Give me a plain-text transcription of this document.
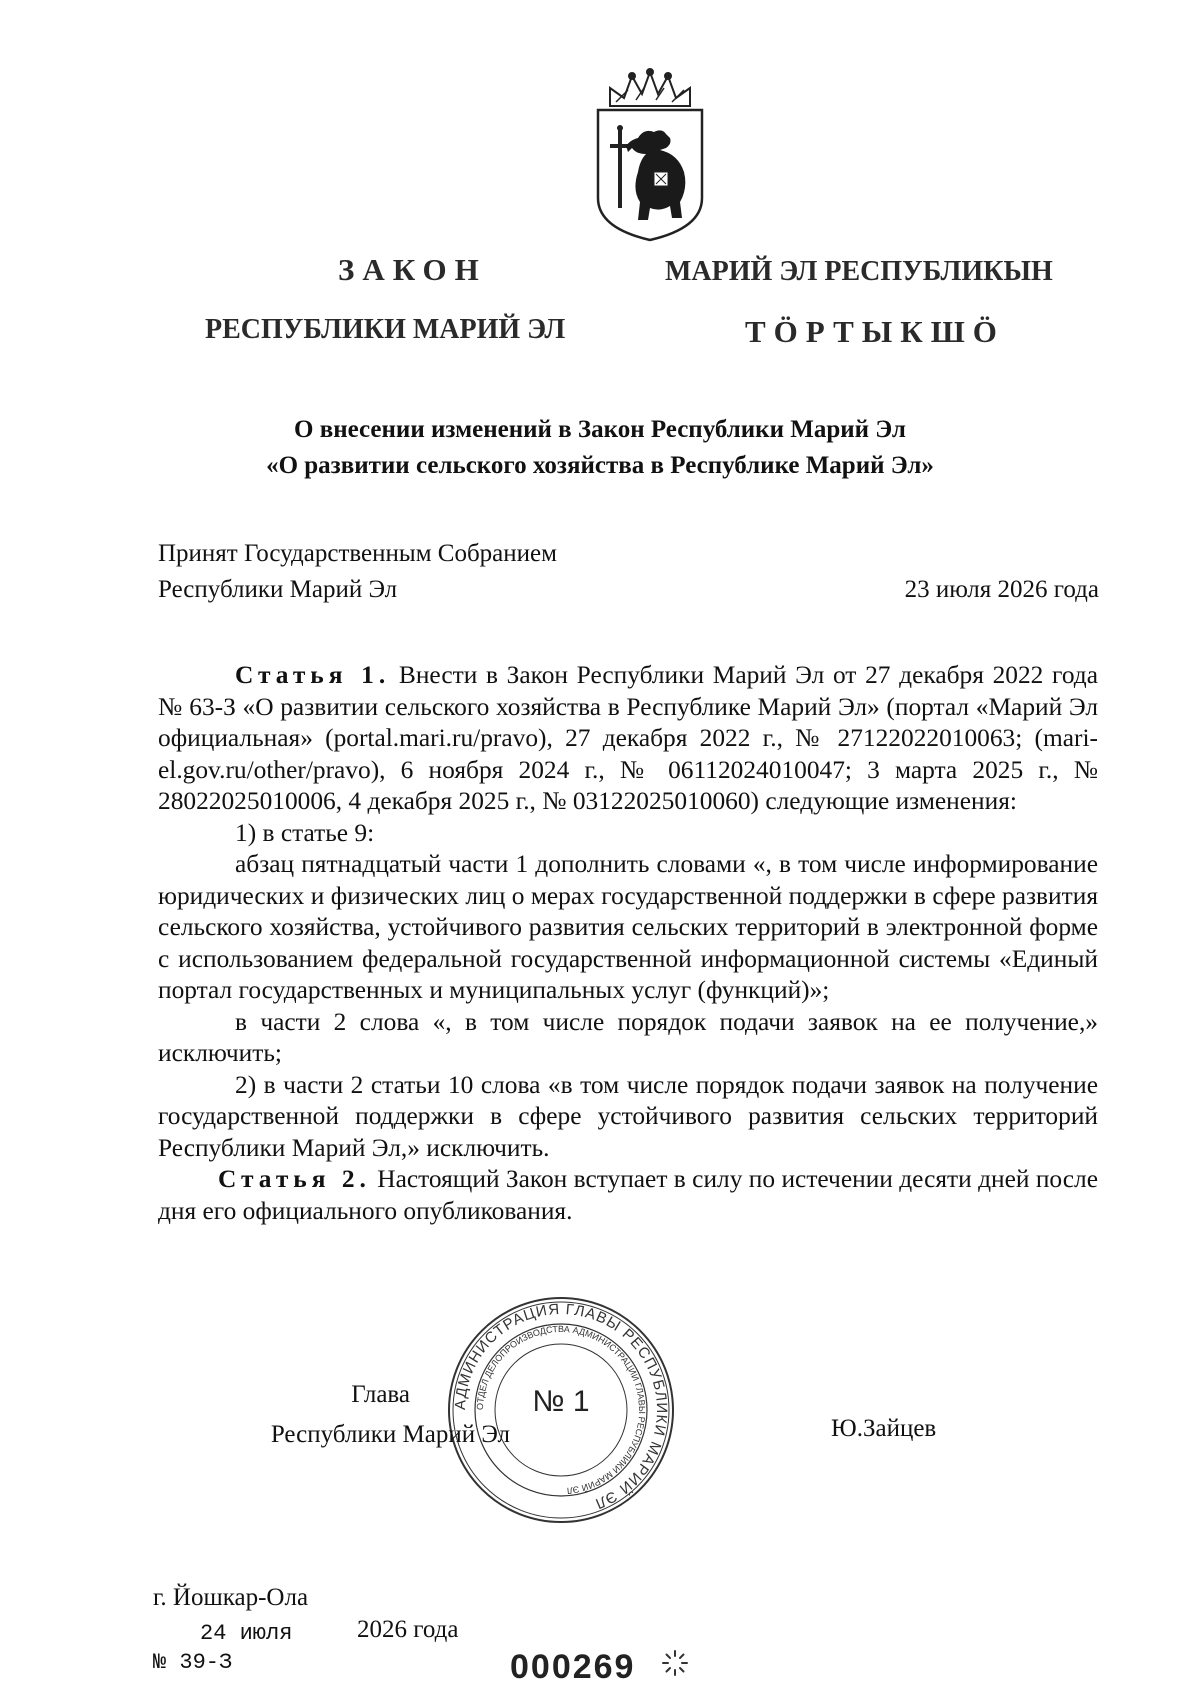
ЗАКОН
РЕСПУБЛИКИ МАРИЙ ЭЛ
МАРИЙ ЭЛ РЕСПУБЛИКЫН
ТӦРТЫКШӦ
О внесении изменений в Закон Республики Марий Эл
«О развитии сельского хозяйства в Республике Марий Эл»
Принят Государственным Собранием
Республики Марий Эл	23 июля 2026 года

Статья 1. Внести в Закон Республики Марий Эл от 27 декабря 2022 года № 63-З «О развитии сельского хозяйства в Республике Марий Эл» (портал «Марий Эл официальная» (portal.mari.ru/pravo), 27 декабря 2022 г., № 27122022010063; (mari-el.gov.ru/other/pravo), 6 ноября 2024 г., № 06112024010047; 3 марта 2025 г., № 28022025010006, 4 декабря 2025 г., № 03122025010060) следующие изменения:

1) в статье 9:

абзац пятнадцатый части 1 дополнить словами «, в том числе информирование юридических и физических лиц о мерах государственной поддержки в сфере развития сельского хозяйства, устойчивого развития сельских территорий в электронной форме с использованием федеральной государственной информационной системы «Единый портал государственных и муниципальных услуг (функций)»;

в части 2 слова «, в том числе порядок подачи заявок на ее получение,» исключить;

2) в части 2 статьи 10 слова «в том числе порядок подачи заявок на получение государственной поддержки в сфере устойчивого развития сельских территорий Республики Марий Эл,» исключить.

Статья 2. Настоящий Закон вступает в силу по истечении десяти дней после дня его официального опубликования.

АДМИНИСТРАЦИЯ ГЛАВЫ РЕСПУБЛИКИ МАРИЙ ЭЛ
ОТДЕЛ ДЕЛОПРОИЗВОДСТВА АДМИНИСТРАЦИИ ГЛАВЫ РЕСПУБЛИКИ МАРИЙ ЭЛ
№ 1
Глава
Республики Марий Эл	Ю.Зайцев
г. Йошкар-Ола
24 июля	2026 года
№ 39-З	000269
